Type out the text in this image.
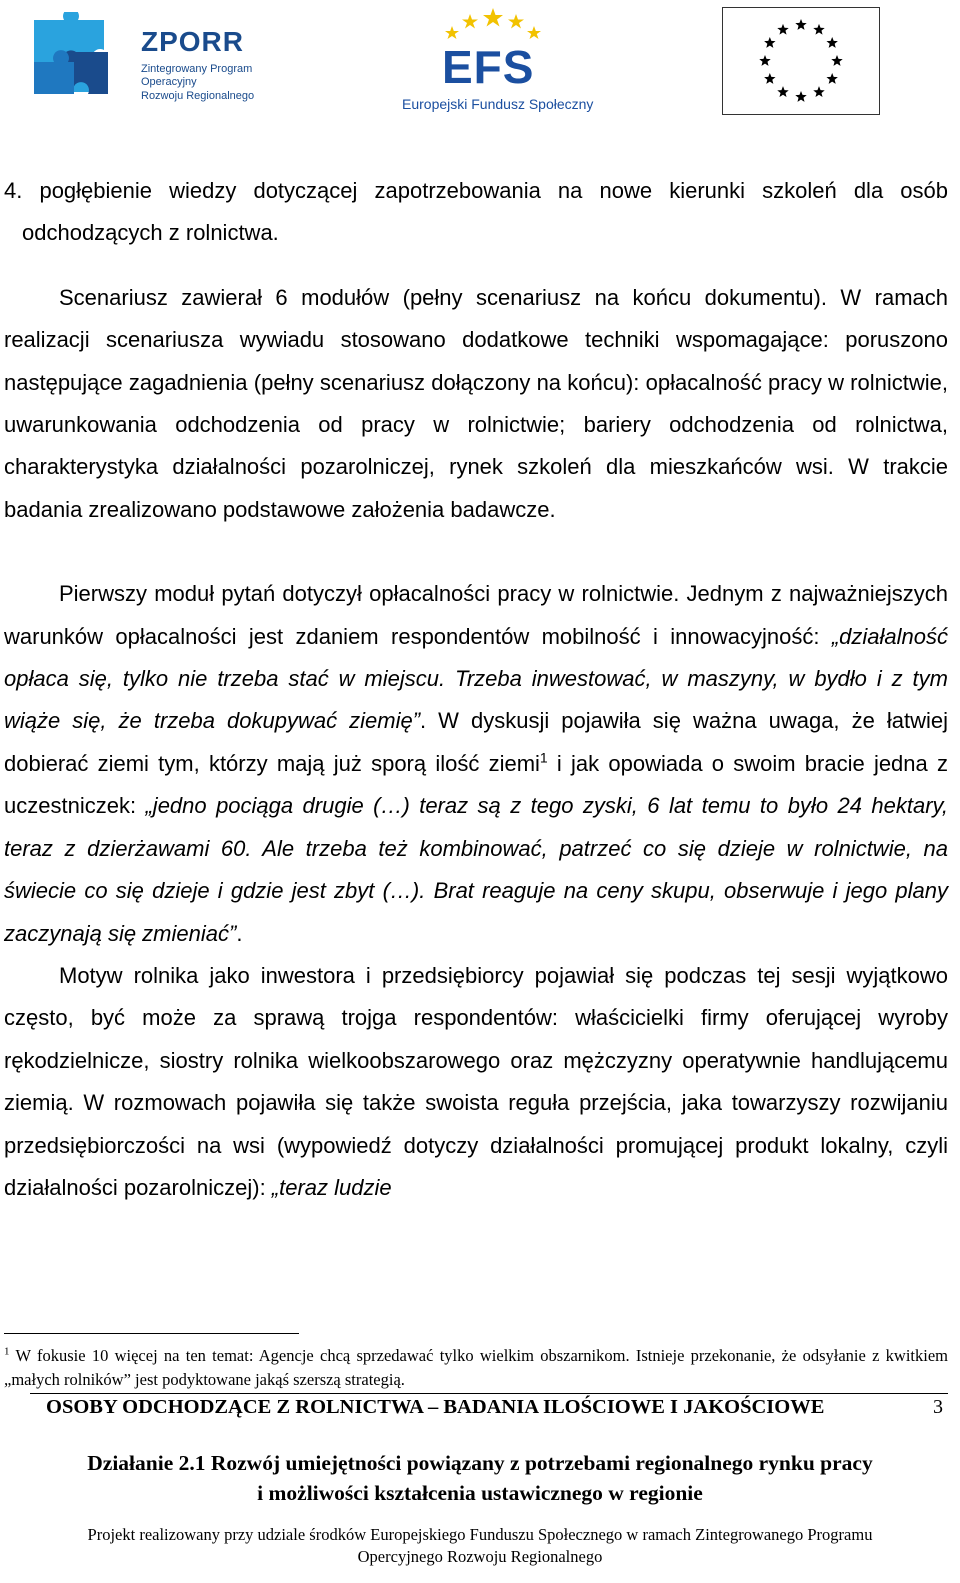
ZPORR
Zintegrowany Program
Operacyjny
Rozwoju Regionalnego
EFS
Europejski Fundusz Społeczny

4. pogłębienie wiedzy dotyczącej zapotrzebowania na nowe kierunki szkoleń dla osób odchodzących z rolnictwa.

Scenariusz zawierał 6 modułów (pełny scenariusz na końcu dokumentu). W ramach realizacji scenariusza wywiadu stosowano dodatkowe techniki wspomagające: poruszono następujące zagadnienia (pełny scenariusz dołączony na końcu): opłacalność pracy w rolnictwie, uwarunkowania odchodzenia od pracy w rolnictwie; bariery odchodzenia od rolnictwa, charakterystyka działalności pozarolniczej, rynek szkoleń dla mieszkańców wsi. W trakcie badania zrealizowano podstawowe założenia badawcze.

Pierwszy moduł pytań dotyczył opłacalności pracy w rolnictwie. Jednym z najważniejszych warunków opłacalności jest zdaniem respondentów mobilność i innowacyjność: „działalność opłaca się, tylko nie trzeba stać w miejscu. Trzeba inwestować, w maszyny, w bydło i z tym wiąże się, że trzeba dokupywać ziemię”. W dyskusji pojawiła się ważna uwaga, że łatwiej dobierać ziemi tym, którzy mają już sporą ilość ziemi$^1$ i jak opowiada o swoim bracie jedna z uczestniczek: „jedno pociąga drugie (…) teraz są z tego zyski, 6 lat temu to było 24 hektary, teraz z dzierżawami 60. Ale trzeba też kombinować, patrzeć co się dzieje w rolnictwie, na świecie co się dzieje i gdzie jest zbyt (…). Brat reaguje na ceny skupu, obserwuje i jego plany zaczynają się zmieniać”.

Motyw rolnika jako inwestora i przedsiębiorcy pojawiał się podczas tej sesji wyjątkowo często, być może za sprawą trojga respondentów: właścicielki firmy oferującej wyroby rękodzielnicze, siostry rolnika wielkoobszarowego oraz mężczyzny operatywnie handlującemu ziemią. W rozmowach pojawiła się także swoista reguła przejścia, jaka towarzyszy rozwijaniu przedsiębiorczości na wsi (wypowiedź dotyczy działalności promującej produkt lokalny, czyli działalności pozarolniczej): „teraz ludzie

$^1$ W fokusie 10 więcej na ten temat: Agencje chcą sprzedawać tylko wielkim obszarnikom. Istnieje przekonanie, że odsyłanie z kwitkiem „małych rolników” jest podyktowane jakąś szerszą strategią.
OSOBY ODCHODZĄCE Z ROLNICTWA – BADANIA ILOŚCIOWE I JAKOŚCIOWE	3
Działanie 2.1 Rozwój umiejętności powiązany z potrzebami regionalnego rynku pracy
i możliwości kształcenia ustawicznego w regionie
Projekt realizowany przy udziale środków Europejskiego Funduszu Społecznego w ramach Zintegrowanego Programu
Opercyjnego Rozwoju Regionalnego
